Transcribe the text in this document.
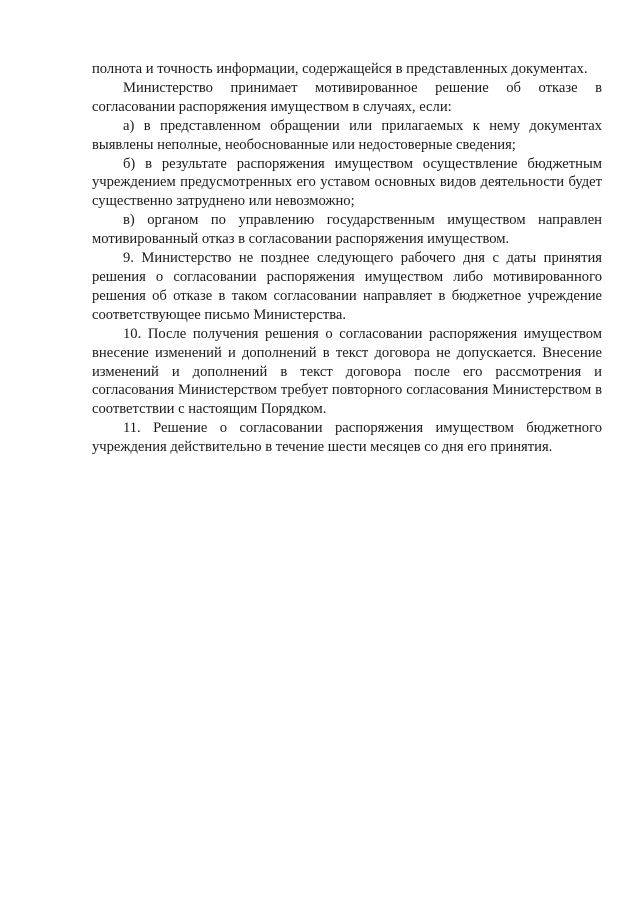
полнота и точность информации, содержащейся в представленных документах.

Министерство принимает мотивированное решение об отказе в согласовании распоряжения имуществом в случаях, если:

а) в представленном обращении или прилагаемых к нему документах выявлены неполные, необоснованные или недостоверные сведения;

б) в результате распоряжения имуществом осуществление бюджетным учреждением предусмотренных его уставом основных видов деятельности будет существенно затруднено или невозможно;

в) органом по управлению государственным имуществом направлен мотивированный отказ в согласовании распоряжения имуществом.

9. Министерство не позднее следующего рабочего дня с даты принятия решения о согласовании распоряжения имуществом либо мотивированного решения об отказе в таком согласовании направляет в бюджетное учреждение соответствующее письмо Министерства.

10. После получения решения о согласовании распоряжения имуществом внесение изменений и дополнений в текст договора не допускается. Внесение изменений и дополнений в текст договора после его рассмотрения и согласования Министерством требует повторного согласования Министерством в соответствии с настоящим Порядком.

11. Решение о согласовании распоряжения имуществом бюджетного учреждения действительно в течение шести месяцев со дня его принятия.
